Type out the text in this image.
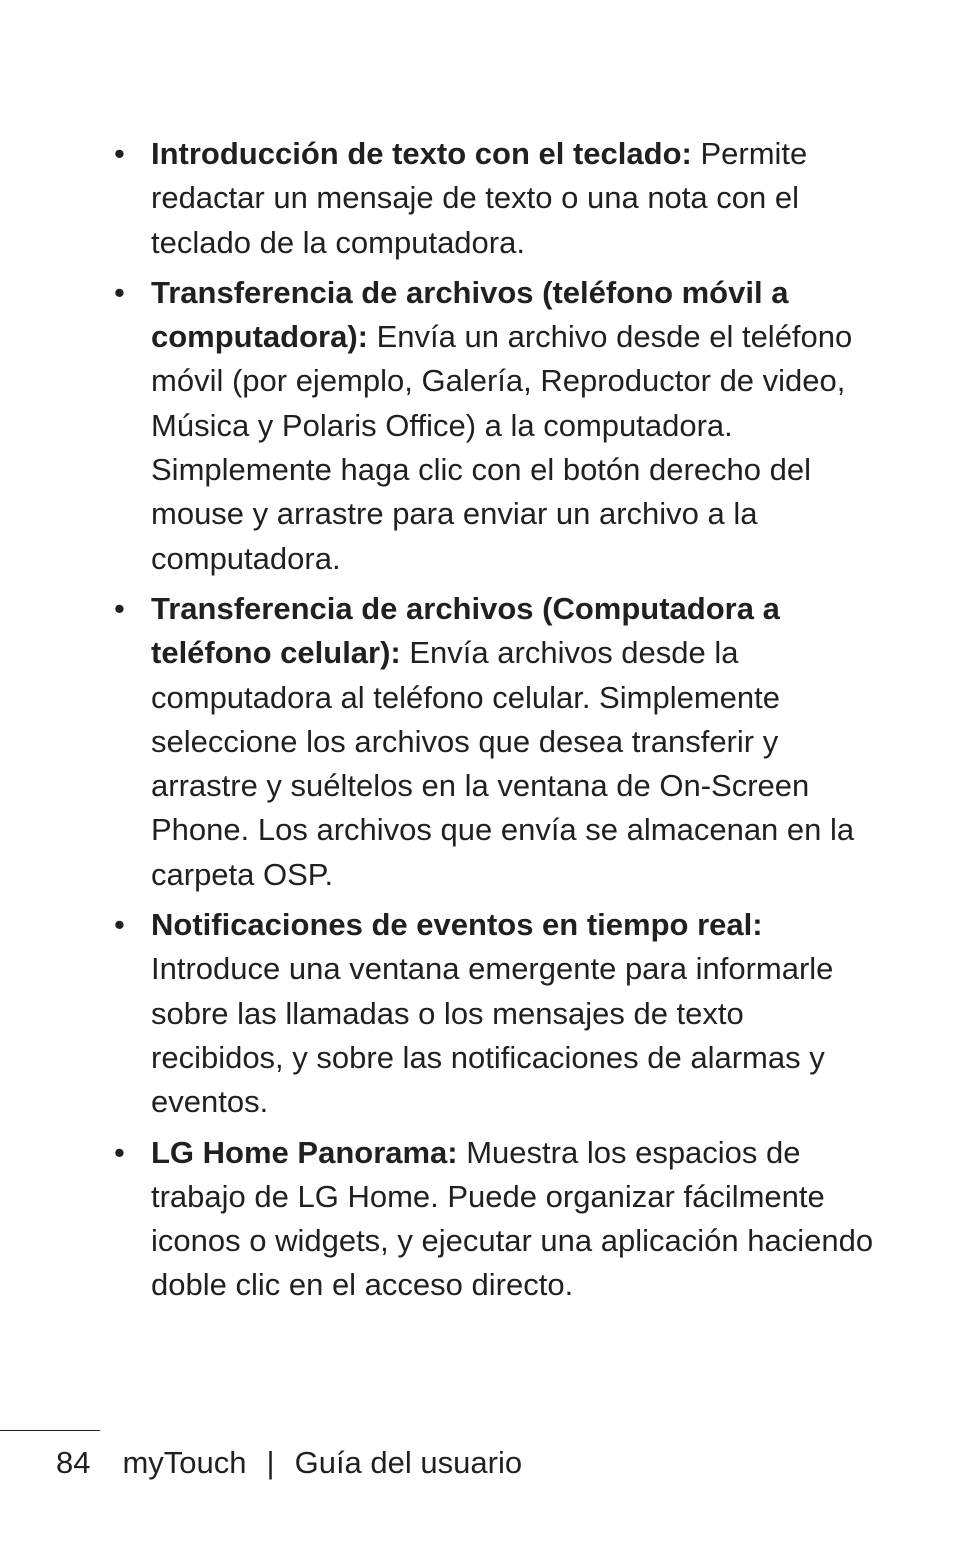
• Introducción de texto con el teclado: Permite redactar un mensaje de texto o una nota con el teclado de la computadora.
• Transferencia de archivos (teléfono móvil a computadora): Envía un archivo desde el teléfono móvil (por ejemplo, Galería, Reproductor de video, Música y Polaris Office) a la computadora. Simplemente haga clic con el botón derecho del mouse y arrastre para enviar un archivo a la computadora.
• Transferencia de archivos (Computadora a teléfono celular): Envía archivos desde la computadora al teléfono celular. Simplemente seleccione los archivos que desea transferir y arrastre y suéltelos en la ventana de On-Screen Phone. Los archivos que envía se almacenan en la carpeta OSP.
• Notificaciones de eventos en tiempo real: Introduce una ventana emergente para informarle sobre las llamadas o los mensajes de texto recibidos, y sobre las notificaciones de alarmas y eventos.
• LG Home Panorama: Muestra los espacios de trabajo de LG Home. Puede organizar fácilmente iconos o widgets, y ejecutar una aplicación haciendo doble clic en el acceso directo.
84 myTouch | Guía del usuario
